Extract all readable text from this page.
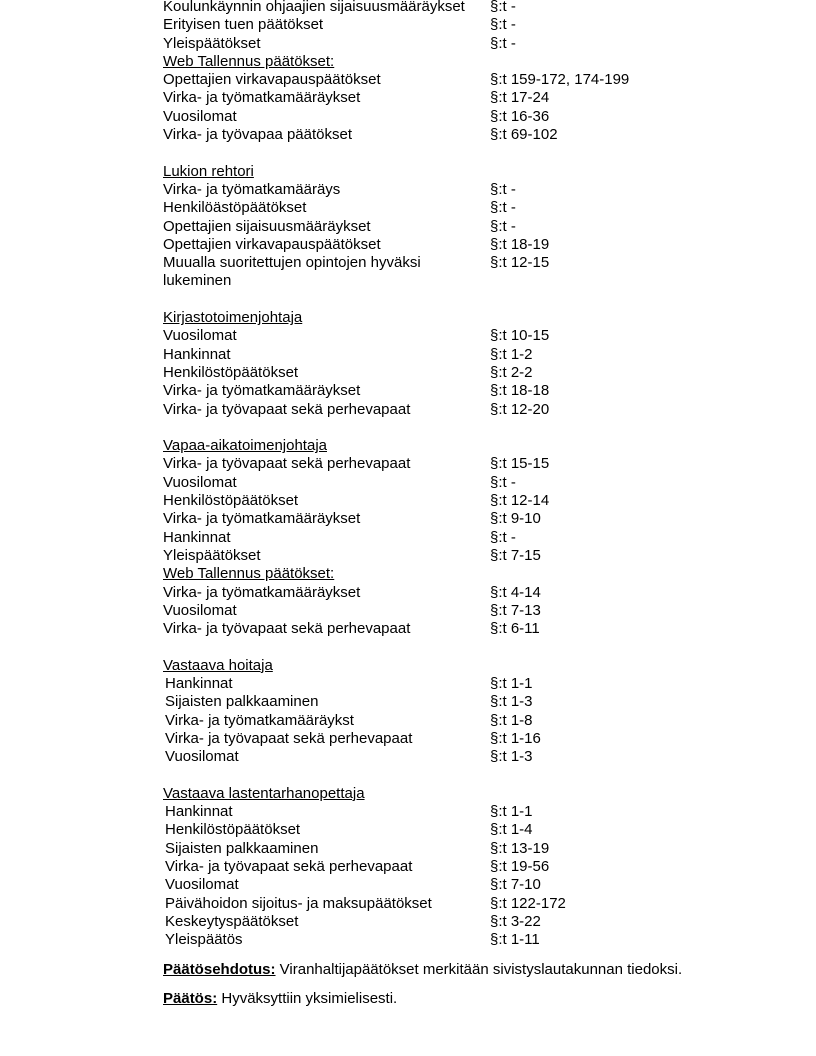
Koulunkäynnin ohjaajien sijaisuusmääräykset §:t -
Erityisen tuen päätökset	§:t -
Yleispäätökset	§:t -
Web Tallennus päätökset:
Opettajien virkavapauspäätökset	§:t 159-172, 174-199
Virka- ja työmatkamääräykset	§:t 17-24
Vuosilomat	§:t 16-36
Virka- ja työvapaa päätökset	§:t 69-102
Lukion rehtori
Virka- ja työmatkamääräys	§:t -
Henkilöästöpäätökset	§:t -
Opettajien sijaisuusmääräykset	§:t -
Opettajien virkavapauspäätökset	§:t 18-19
Muualla suoritettujen opintojen hyväksi	§:t 12-15
lukeminen
Kirjastotoimenjohtaja
Vuosilomat	§:t 10-15
Hankinnat	§:t 1-2
Henkilöstöpäätökset	§:t 2-2
Virka- ja työmatkamääräykset	§:t 18-18
Virka- ja työvapaat sekä perhevapaat	§:t 12-20
Vapaa-aikatoimenjohtaja
Virka- ja työvapaat sekä perhevapaat	§:t 15-15
Vuosilomat	§:t -
Henkilöstöpäätökset	§:t 12-14
Virka- ja työmatkamääräykset	§:t 9-10
Hankinnat	§:t -
Yleispäätökset	§:t 7-15
Web Tallennus päätökset:
Virka- ja työmatkamääräykset	§:t 4-14
Vuosilomat	§:t 7-13
Virka- ja työvapaat sekä perhevapaat	§:t 6-11
Vastaava hoitaja
Hankinnat	§:t 1-1
Sijaisten palkkaaminen	§:t 1-3
Virka- ja työmatkamääräykst	§:t 1-8
Virka- ja työvapaat sekä perhevapaat	§:t 1-16
Vuosilomat	§:t 1-3
Vastaava lastentarhanopettaja
Hankinnat	§:t 1-1
Henkilöstöpäätökset	§:t 1-4
Sijaisten palkkaaminen	§:t 13-19
Virka- ja työvapaat sekä perhevapaat	§:t 19-56
Vuosilomat	§:t 7-10
Päivähoidon sijoitus- ja maksupäätökset	§:t 122-172
Keskeytyspäätökset	§:t 3-22
Yleispäätös	§:t 1-11
Päätösehdotus: Viranhaltijapäätökset merkitään sivistyslautakunnan tiedoksi.
Päätös: Hyväksyttiin yksimielisesti.
